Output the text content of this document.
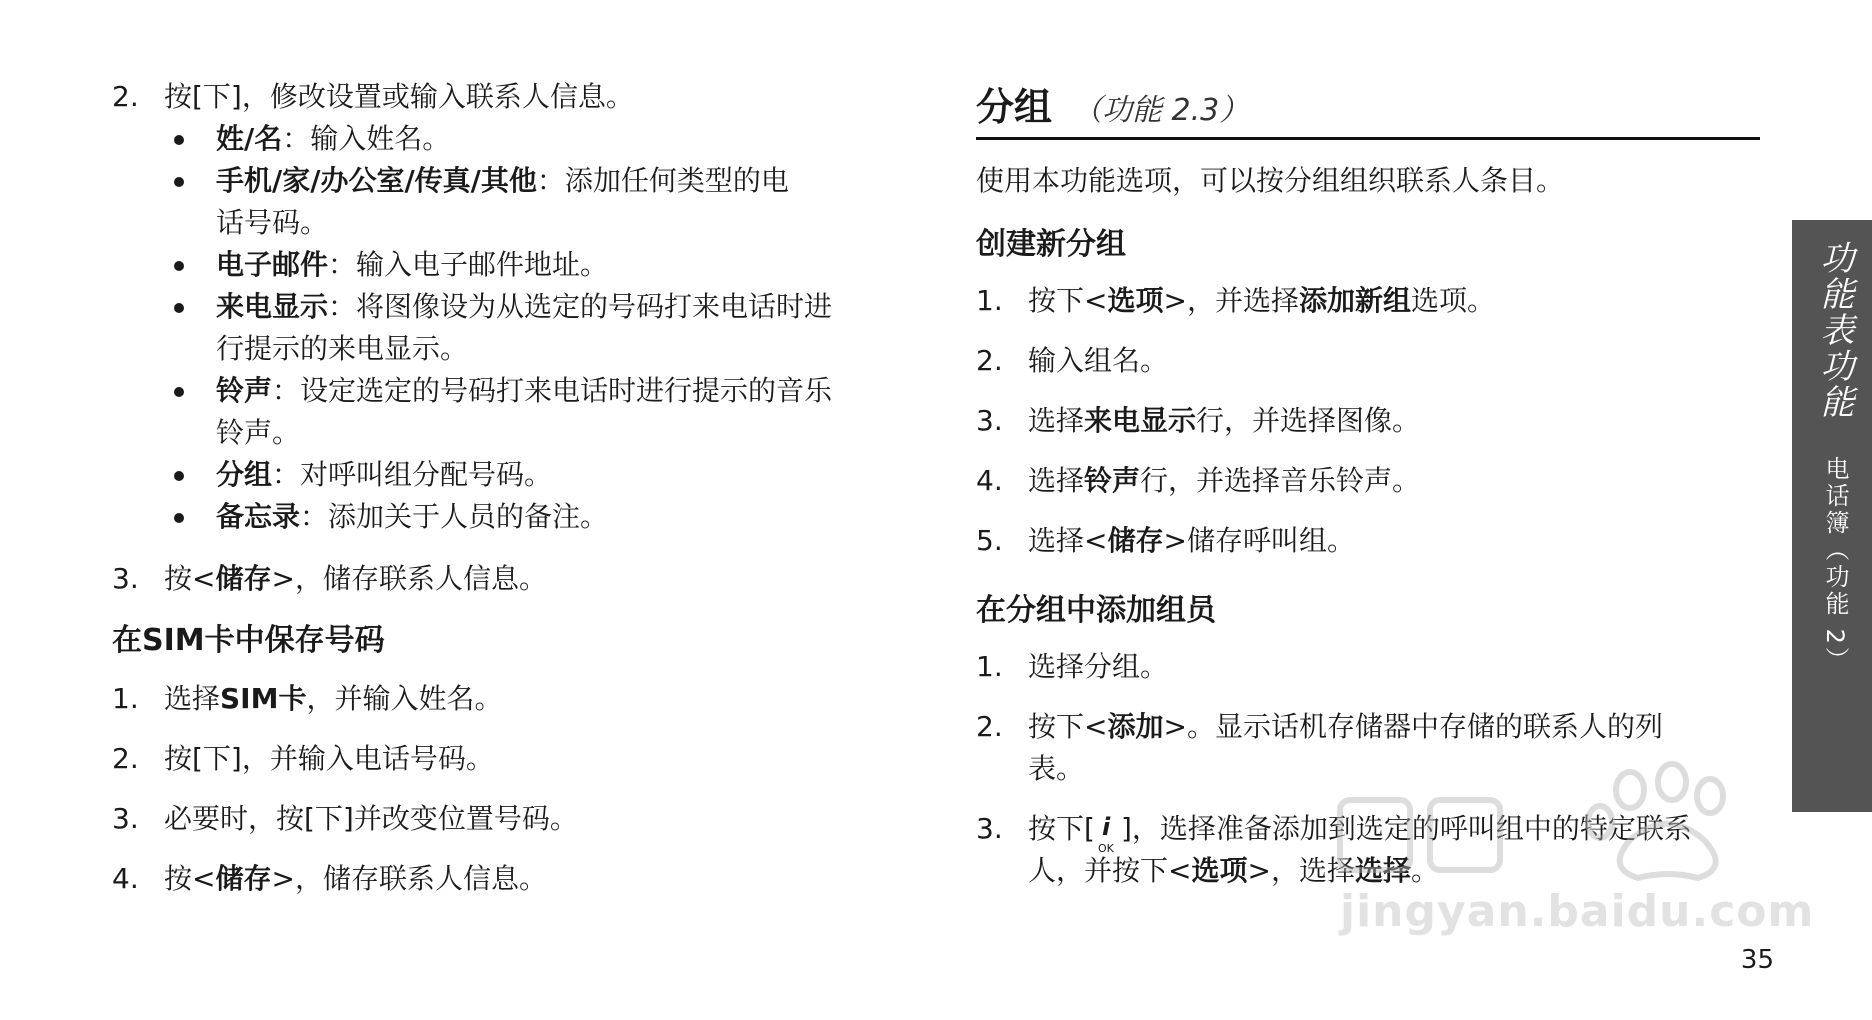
2. 按[下]，修改设置或输入联系人信息。

姓/名：输入姓名。
手机/家/办公室/传真/其他：添加任何类型的电
话号码。
电子邮件：输入电子邮件地址。
来电显示：将图像设为从选定的号码打来电话时进
行提示的来电显示。
铃声：设定选定的号码打来电话时进行提示的音乐
铃声。
分组：对呼叫组分配号码。
备忘录：添加关于人员的备注。

3. 按<储存>，储存联系人信息。

在SIM卡中保存号码

1. 选择SIM卡，并输入姓名。

2. 按[下]，并输入电话号码。

3. 必要时，按[下]并改变位置号码。

4. 按<储存>，储存联系人信息。

分组 （功能 2.3）
使用本功能选项，可以按分组组织联系人条目。
创建新分组

1. 按下<选项>，并选择添加新组选项。

2. 输入组名。

3. 选择来电显示行，并选择图像。

4. 选择铃声行，并选择音乐铃声。

5. 选择<储存>储存呼叫组。

在分组中添加组员

1. 选择分组。

2. 按下<添加>。显示话机存储器中存储的联系人的列
表。

3. 按下[ i
OK
]，选择准备添加到选定的呼叫组中的特定联系
人，并按下<选项>，选择选择。

功能表功能
电话簿（功能 2）
jingyan.baidu.com
35
